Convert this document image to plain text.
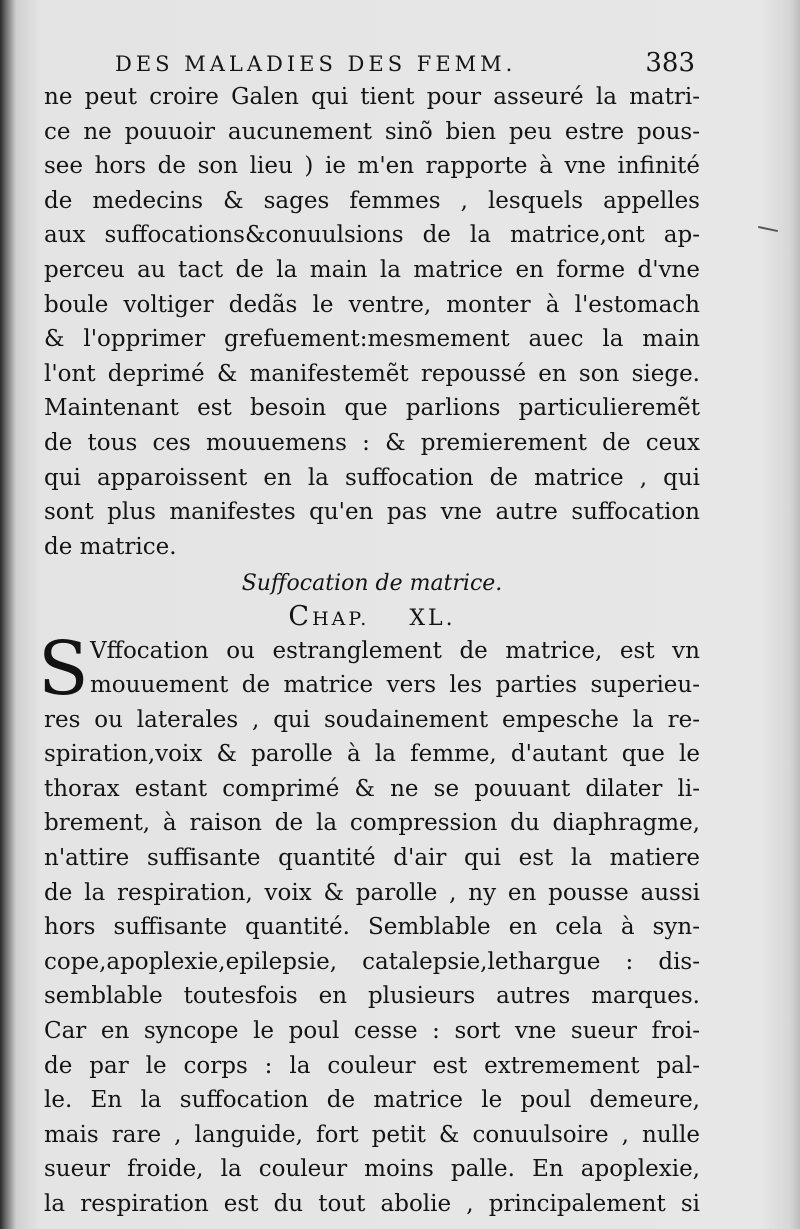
DES MALADIES DES FEMM.	383
ne peut croire Galen qui tient pour asseuré la matri-
ce ne pouuoir aucunement sinõ bien peu estre pous-
see hors de son lieu ) ie m'en rapporte à vne infinité
de medecins & sages femmes , lesquels appelles
aux suffocations&conuulsions de la matrice,ont ap-
perceu au tact de la main la matrice en forme d'vne
boule voltiger dedãs le ventre, monter à l'estomach
& l'opprimer grefuement:mesmement auec la main
l'ont deprimé & manifestemẽt repoussé en son siege.
Maintenant est besoin que parlions particulieremẽt
de tous ces mouuemens : & premierement de ceux
qui apparoissent en la suffocation de matrice , qui
sont plus manifestes qu'en pas vne autre suffocation
de matrice.
Suffocation de matrice.
CHAP. XL.
S Vffocation ou estranglement de matrice, est vn
mouuement de matrice vers les parties superieu-
res ou laterales , qui soudainement empesche la re-
spiration,voix & parolle à la femme, d'autant que le
thorax estant comprimé & ne se pouuant dilater li-
brement, à raison de la compression du diaphragme,
n'attire suffisante quantité d'air qui est la matiere
de la respiration, voix & parolle , ny en pousse aussi
hors suffisante quantité. Semblable en cela à syn-
cope,apoplexie,epilepsie, catalepsie,lethargue : dis-
semblable toutesfois en plusieurs autres marques.
Car en syncope le poul cesse : sort vne sueur froi-
de par le corps : la couleur est extremement pal-
le. En la suffocation de matrice le poul demeure,
mais rare , languide, fort petit & conuulsoire , nulle
sueur froide, la couleur moins palle. En apoplexie,
la respiration est du tout abolie , principalement si
